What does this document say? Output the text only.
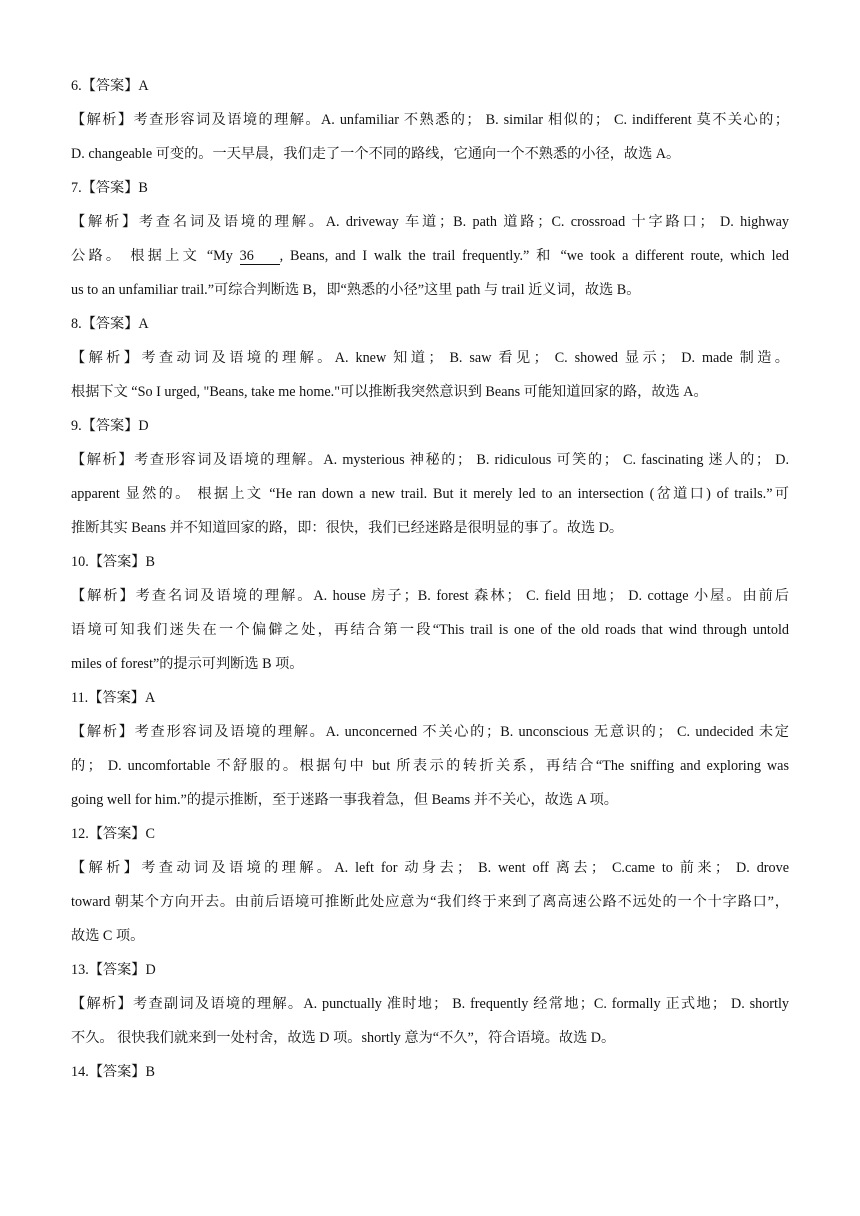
6.【答案】A
【解析】考查形容词及语境的理解。A. unfamiliar 不熟悉的； B. similar 相似的； C. indifferent 莫不关心的；
D. changeable 可变的。一天早晨，我们走了一个不同的路线，它通向一个不熟悉的小径，故选 A。
7.【答案】B
【解析】考查名词及语境的理解。A. driveway 车道；B. path 道路；C. crossroad 十字路口； D. highway
公路。 根据上文 “My 36 , Beans, and I walk the trail frequently.” 和 “we took a different route, which led
us to an unfamiliar trail.”可综合判断选 B，即“熟悉的小径”这里 path 与 trail 近义词，故选 B。
8.【答案】A
【解析】考查动词及语境的理解。A. knew 知道； B. saw 看见； C. showed 显示； D. made 制造。
根据下文 “So I urged, "Beans, take me home."可以推断我突然意识到 Beans 可能知道回家的路，故选 A。
9.【答案】D
【解析】考查形容词及语境的理解。A. mysterious 神秘的； B. ridiculous 可笑的； C. fascinating 迷人的； D.
apparent 显然的。 根据上文 “He ran down a new trail. But it merely led to an intersection (岔道口) of trails.”可
推断其实 Beans 并不知道回家的路，即：很快，我们已经迷路是很明显的事了。故选 D。
10.【答案】B
【解析】考查名词及语境的理解。A. house 房子；B. forest 森林； C. field 田地； D. cottage 小屋。由前后
语境可知我们迷失在一个偏僻之处，再结合第一段“This trail is one of the old roads that wind through untold
miles of forest”的提示可判断选 B 项。
11.【答案】A
【解析】考查形容词及语境的理解。A. unconcerned 不关心的；B. unconscious 无意识的； C. undecided 未定
的； D. uncomfortable 不舒服的。根据句中 but 所表示的转折关系，再结合“The sniffing and exploring was
going well for him.”的提示推断，至于迷路一事我着急，但 Beams 并不关心，故选 A 项。
12.【答案】C
【解析】考查动词及语境的理解。A. left for 动身去； B. went off 离去； C.came to 前来； D. drove
toward 朝某个方向开去。由前后语境可推断此处应意为“我们终于来到了离高速公路不远处的一个十字路口”，
故选 C 项。
13.【答案】D
【解析】考查副词及语境的理解。A. punctually 准时地； B. frequently 经常地；C. formally 正式地； D. shortly
不久。 很快我们就来到一处村舍，故选 D 项。shortly 意为“不久”，符合语境。故选 D。
14.【答案】B
